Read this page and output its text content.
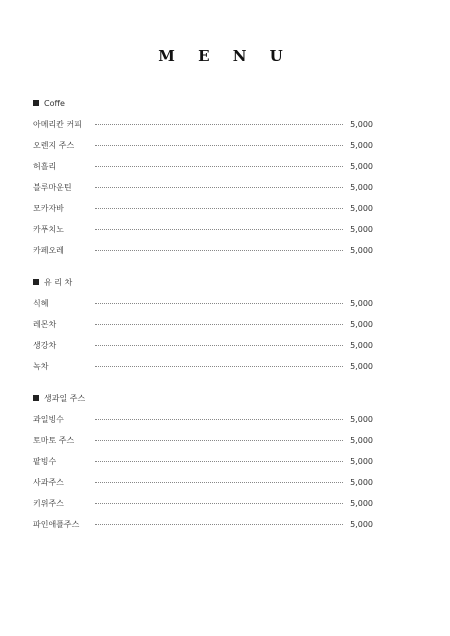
M E N U
Coffe
아메리칸 커피	5,000
오렌지 주스	5,000
허흘리	5,000
블루마운틴	5,000
모카자바	5,000
카푸치노	5,000
카페오레	5,000
유 리 차
식혜	5,000
레몬차	5,000
생강차	5,000
녹차	5,000
생과일 주스
과일빙수	5,000
토마토 주스	5,000
팥빙수	5,000
사과주스	5,000
키위주스	5,000
파인애플주스	5,000
